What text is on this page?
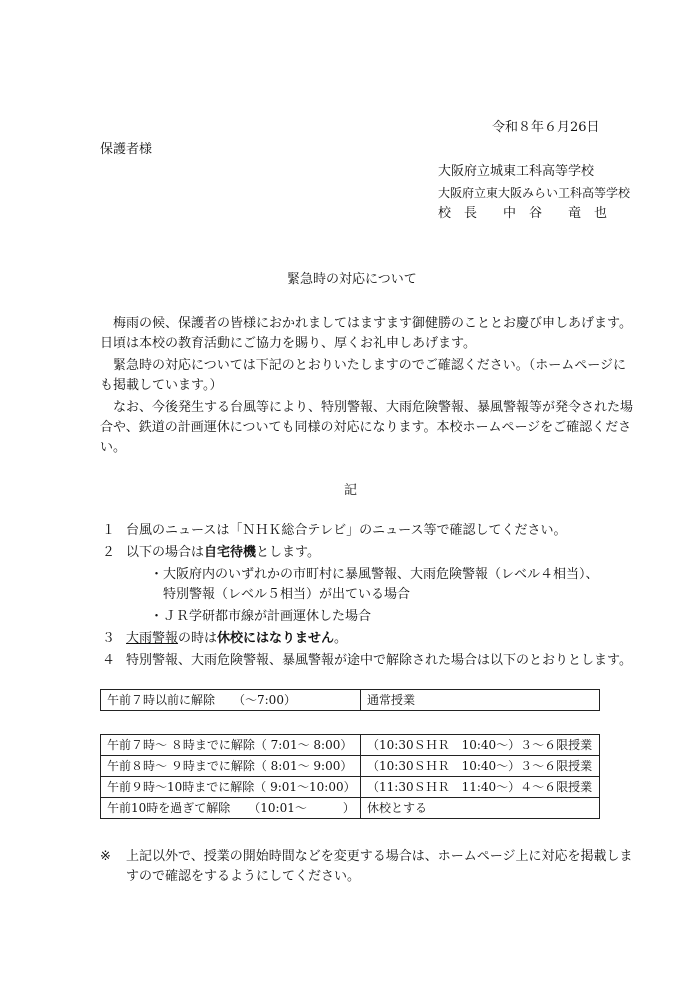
令和８年６月26日
保護者様
大阪府立城東工科高等学校
大阪府立東大阪みらい工科高等学校
校　長 中　谷　　竜　也
緊急時の対応について
梅雨の候、保護者の皆様におかれましてはますます御健勝のこととお慶び申しあげます。
日頃は本校の教育活動にご協力を賜り、厚くお礼申しあげます。
緊急時の対応については下記のとおりいたしますのでご確認ください。（ホームページに
も掲載しています。）
なお、今後発生する台風等により、特別警報、大雨危険警報、暴風警報等が発令された場
合や、鉄道の計画運休についても同様の対応になります。本校ホームページをご確認くださ
い。
記
１ 台風のニュースは「ＮＨＫ総合テレビ」のニュース等で確認してください。
２ 以下の場合は自宅待機とします。
・大阪府内のいずれかの市町村に暴風警報、大雨危険警報（レベル４相当）、
特別警報（レベル５相当）が出ている場合
・ＪＲ学研都市線が計画運休した場合
３ 大雨警報の時は休校にはなりません。
４ 特別警報、大雨危険警報、暴風警報が途中で解除された場合は以下のとおりとします。
午前７時以前に解除　　（〜7:00）	通常授業
午前７時〜 ８時までに解除（ 7:01〜 8:00）	（10:30ＳＨＲ　10:40〜）３〜６限授業
午前８時〜 ９時までに解除（ 8:01〜 9:00）	（10:30ＳＨＲ　10:40〜）３〜６限授業
午前９時〜10時までに解除（ 9:01〜10:00）	（11:30ＳＨＲ　11:40〜）４〜６限授業
午前10時を過ぎて解除　　（10:01〜　　　）	休校とする
※ 上記以外で、授業の開始時間などを変更する場合は、ホームページ上に対応を掲載しま
すので確認をするようにしてください。
